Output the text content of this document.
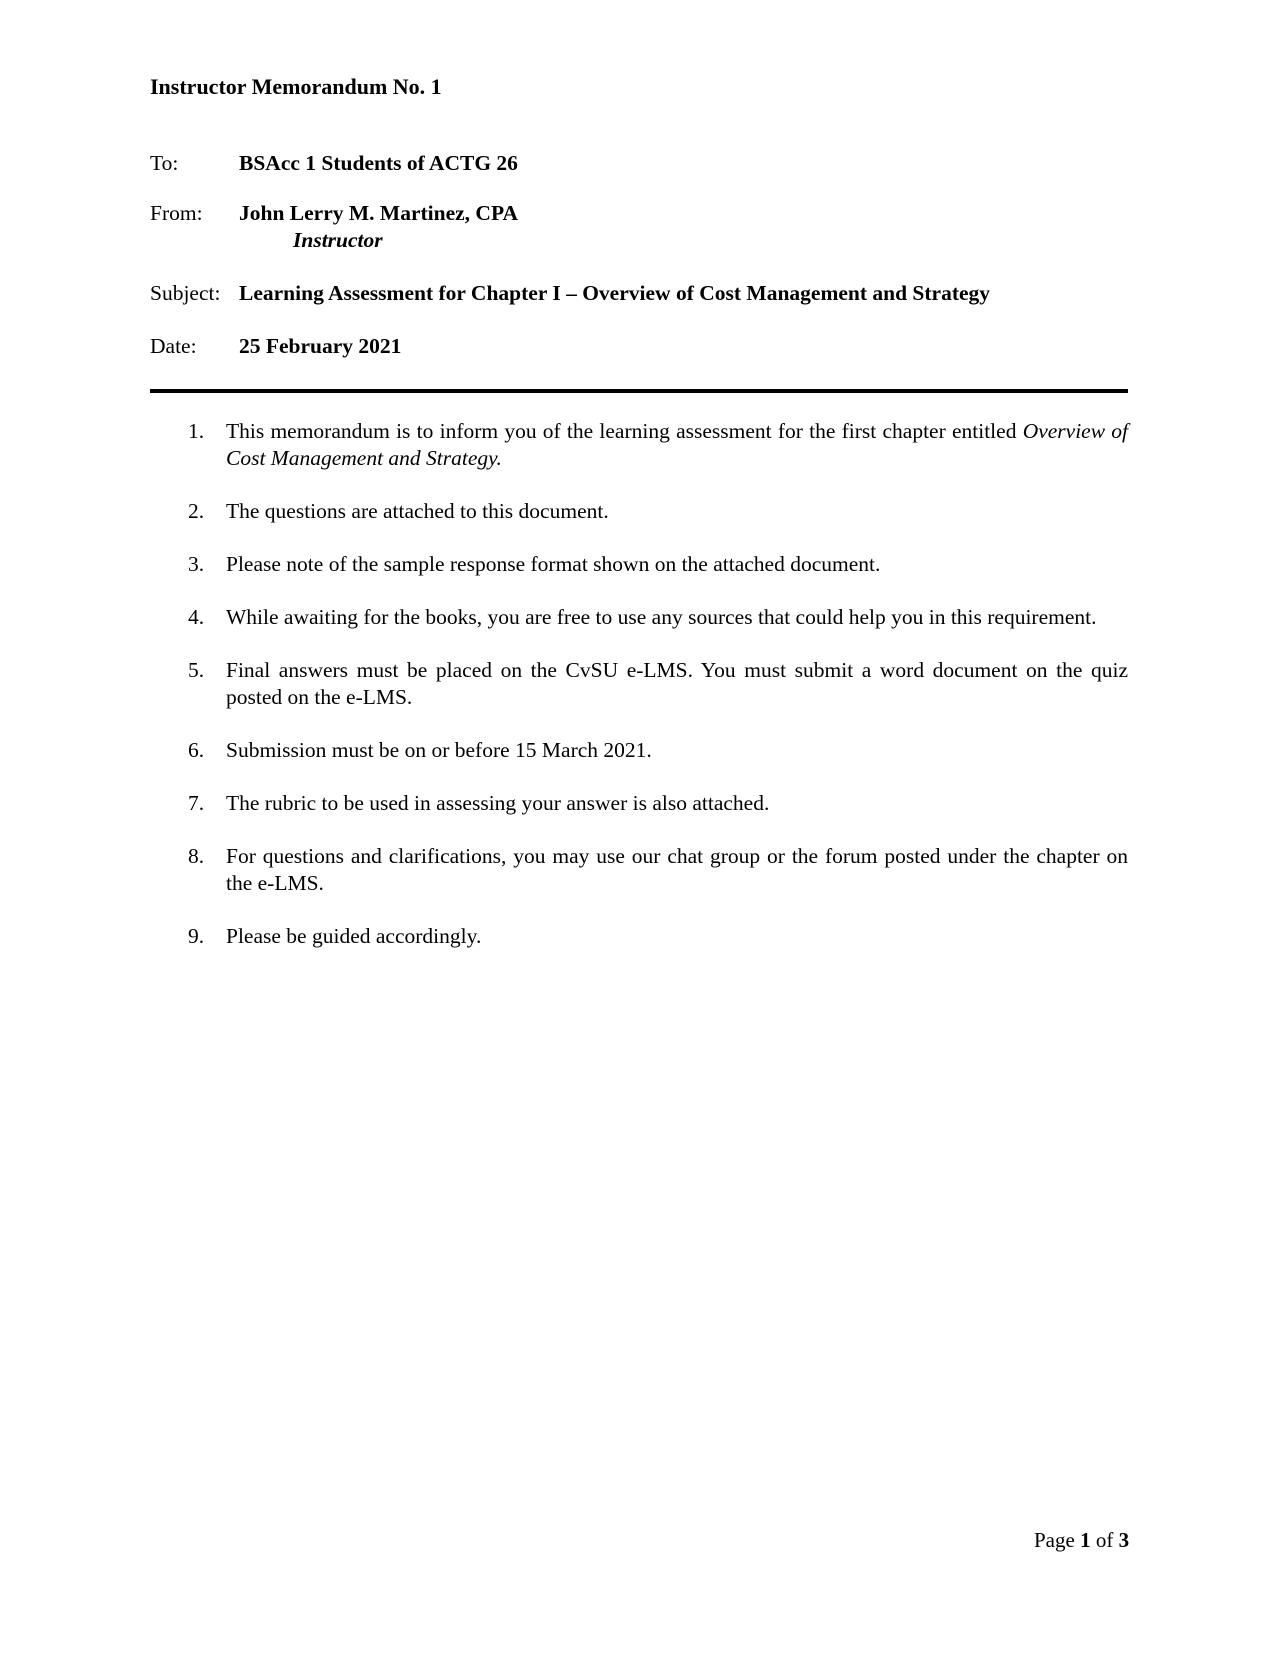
Instructor Memorandum No. 1
To:	BSAcc 1 Students of ACTG 26
From: John Lerry M. Martinez, CPA
Instructor
Subject: Learning Assessment for Chapter I – Overview of Cost Management and Strategy
Date: 25 February 2021
1. This memorandum is to inform you of the learning assessment for the first chapter entitled Overview of Cost Management and Strategy.
2. The questions are attached to this document.
3. Please note of the sample response format shown on the attached document.
4. While awaiting for the books, you are free to use any sources that could help you in this requirement.
5. Final answers must be placed on the CvSU e-LMS. You must submit a word document on the quiz posted on the e-LMS.
6. Submission must be on or before 15 March 2021.
7. The rubric to be used in assessing your answer is also attached.
8. For questions and clarifications, you may use our chat group or the forum posted under the chapter on the e-LMS.
9. Please be guided accordingly.
Page 1 of 3
